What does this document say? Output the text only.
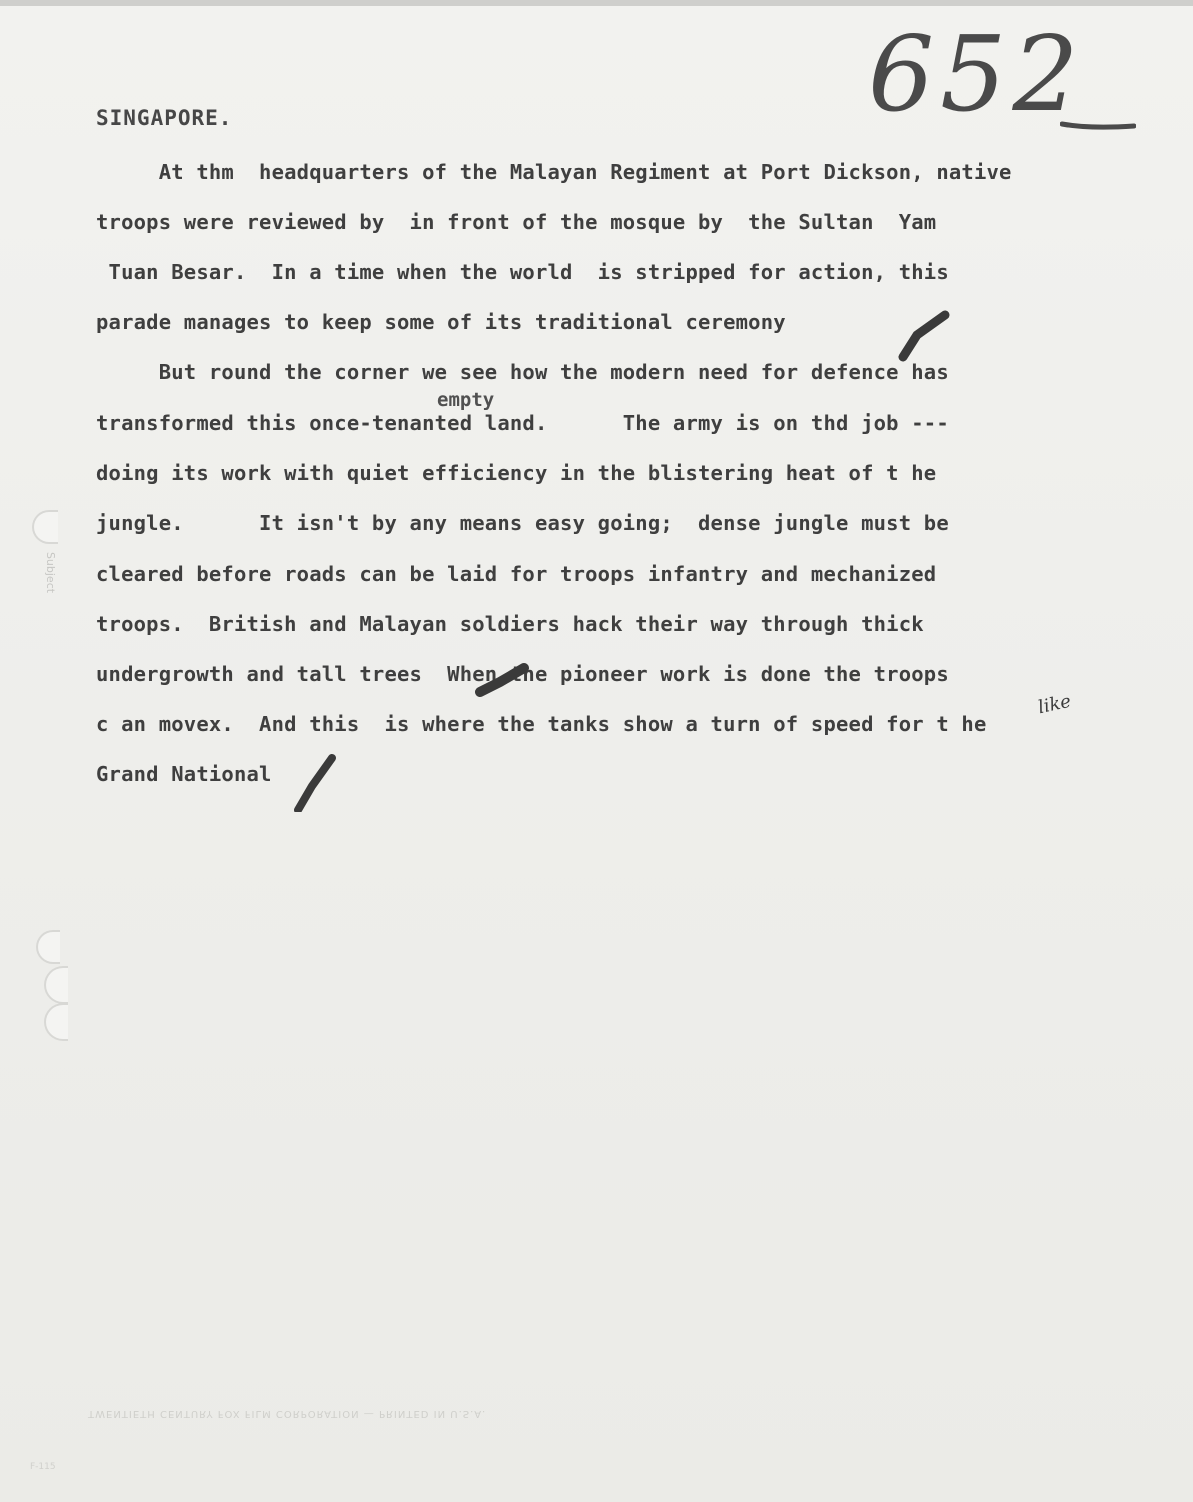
652
SINGAPORE.
At thm  headquarters of the Malayan Regiment at Port Dickson, native
troops were reviewed by  in front of the mosque by  the Sultan  Yam
Tuan Besar.  In a time when the world  is stripped for action, this
parade manages to keep some of its traditional ceremony
But round the corner we see how the modern need for defence has
empty
transformed this once-tenanted land.      The army is on thd job ---
doing its work with quiet efficiency in the blistering heat of t he
jungle.      It isn't by any means easy going;  dense jungle must be
cleared before roads can be laid for troops infantry and mechanized
troops.  British and Malayan soldiers hack their way through thick
undergrowth and tall trees  When the pioneer work is done the troops
like
c an movex.  And this  is where the tanks show a turn of speed for t he
Grand National
Subject
TWENTIETH CENTURY FOX FILM CORPORATION — PRINTED IN U.S.A.
F-115
